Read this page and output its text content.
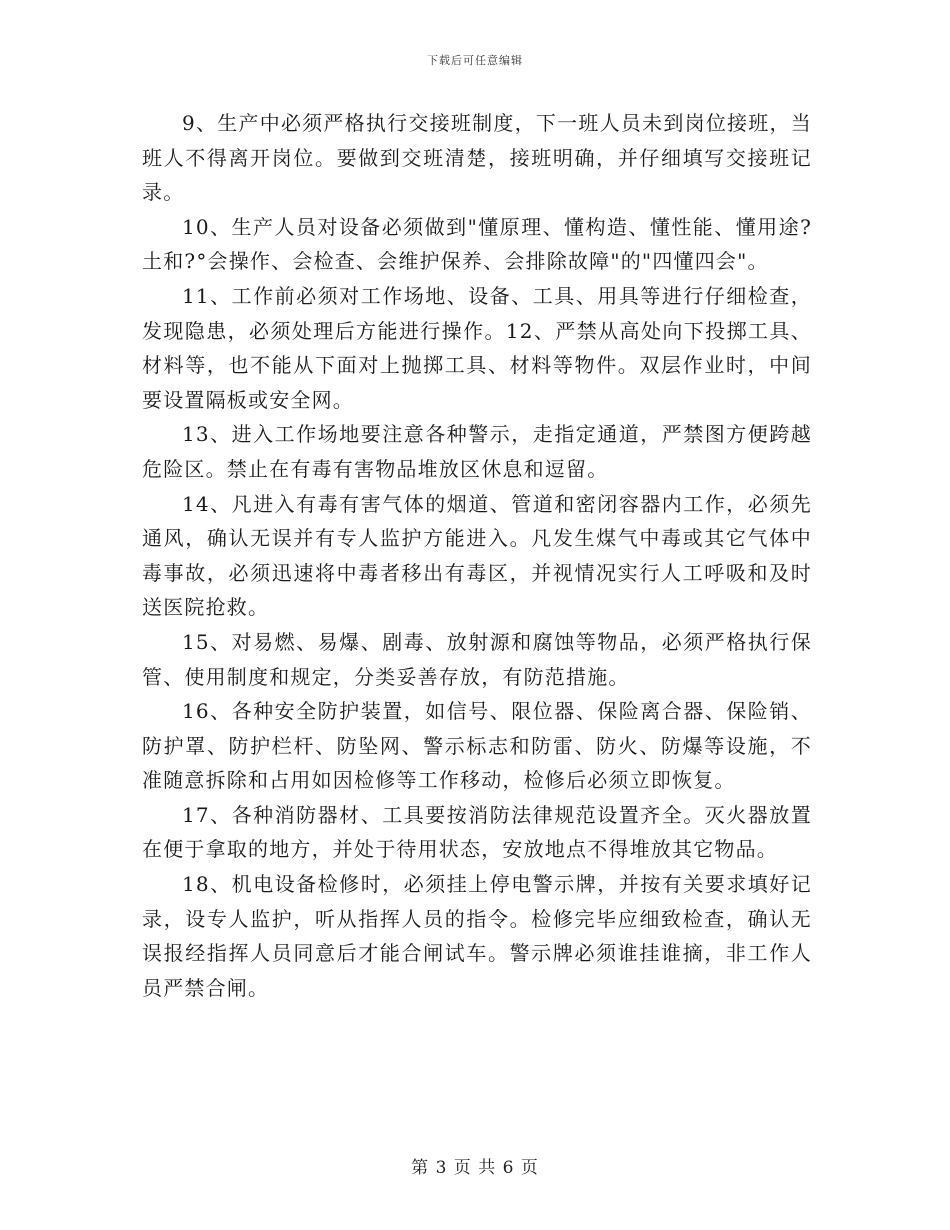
下载后可任意编辑

9、生产中必须严格执行交接班制度，下一班人员未到岗位接班，当班人不得离开岗位。要做到交班清楚，接班明确，并仔细填写交接班记录。

10、生产人员对设备必须做到"懂原理、懂构造、懂性能、懂用途?土和?°会操作、会检查、会维护保养、会排除故障"的"四懂四会"。

11、工作前必须对工作场地、设备、工具、用具等进行仔细检查，发现隐患，必须处理后方能进行操作。12、严禁从高处向下投掷工具、材料等，也不能从下面对上抛掷工具、材料等物件。双层作业时，中间要设置隔板或安全网。

13、进入工作场地要注意各种警示，走指定通道，严禁图方便跨越危险区。禁止在有毒有害物品堆放区休息和逗留。

14、凡进入有毒有害气体的烟道、管道和密闭容器内工作，必须先通风，确认无误并有专人监护方能进入。凡发生煤气中毒或其它气体中毒事故，必须迅速将中毒者移出有毒区，并视情况实行人工呼吸和及时送医院抢救。

15、对易燃、易爆、剧毒、放射源和腐蚀等物品，必须严格执行保管、使用制度和规定，分类妥善存放，有防范措施。

16、各种安全防护装置，如信号、限位器、保险离合器、保险销、防护罩、防护栏杆、防坠网、警示标志和防雷、防火、防爆等设施，不准随意拆除和占用如因检修等工作移动，检修后必须立即恢复。

17、各种消防器材、工具要按消防法律规范设置齐全。灭火器放置在便于拿取的地方，并处于待用状态，安放地点不得堆放其它物品。

18、机电设备检修时，必须挂上停电警示牌，并按有关要求填好记录，设专人监护，听从指挥人员的指令。检修完毕应细致检查，确认无误报经指挥人员同意后才能合闸试车。警示牌必须谁挂谁摘，非工作人员严禁合闸。

第 3 页 共 6 页
